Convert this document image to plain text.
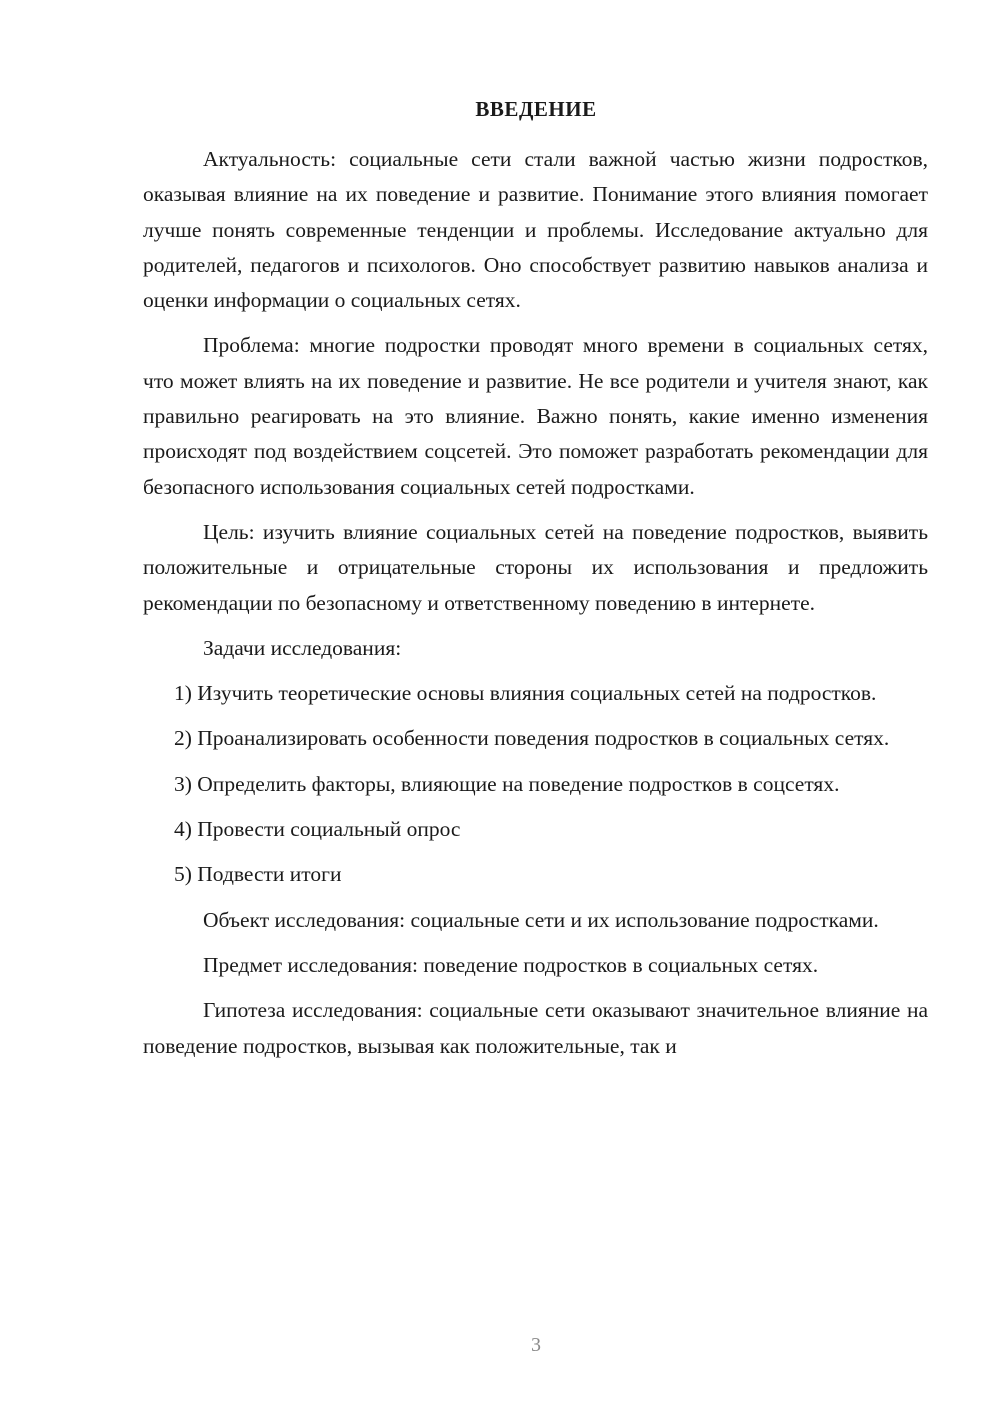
ВВЕДЕНИЕ

Актуальность: социальные сети стали важной частью жизни подростков, оказывая влияние на их поведение и развитие. Понимание этого влияния помогает лучше понять современные тенденции и проблемы. Исследование актуально для родителей, педагогов и психологов. Оно способствует развитию навыков анализа и оценки информации о социальных сетях.

Проблема: многие подростки проводят много времени в социальных сетях, что может влиять на их поведение и развитие. Не все родители и учителя знают, как правильно реагировать на это влияние. Важно понять, какие именно изменения происходят под воздействием соцсетей. Это поможет разработать рекомендации для безопасного использования социальных сетей подростками.

Цель: изучить влияние социальных сетей на поведение подростков, выявить положительные и отрицательные стороны их использования и предложить рекомендации по безопасному и ответственному поведению в интернете.

Задачи исследования:

1) Изучить теоретические основы влияния социальных сетей на подростков.

2) Проанализировать особенности поведения подростков в социальных сетях.

3) Определить факторы, влияющие на поведение подростков в соцсетях.

4) Провести социальный опрос

5) Подвести итоги

Объект исследования: социальные сети и их использование подростками.

Предмет исследования: поведение подростков в социальных сетях.

Гипотеза исследования: социальные сети оказывают значительное влияние на поведение подростков, вызывая как положительные, так и

3
